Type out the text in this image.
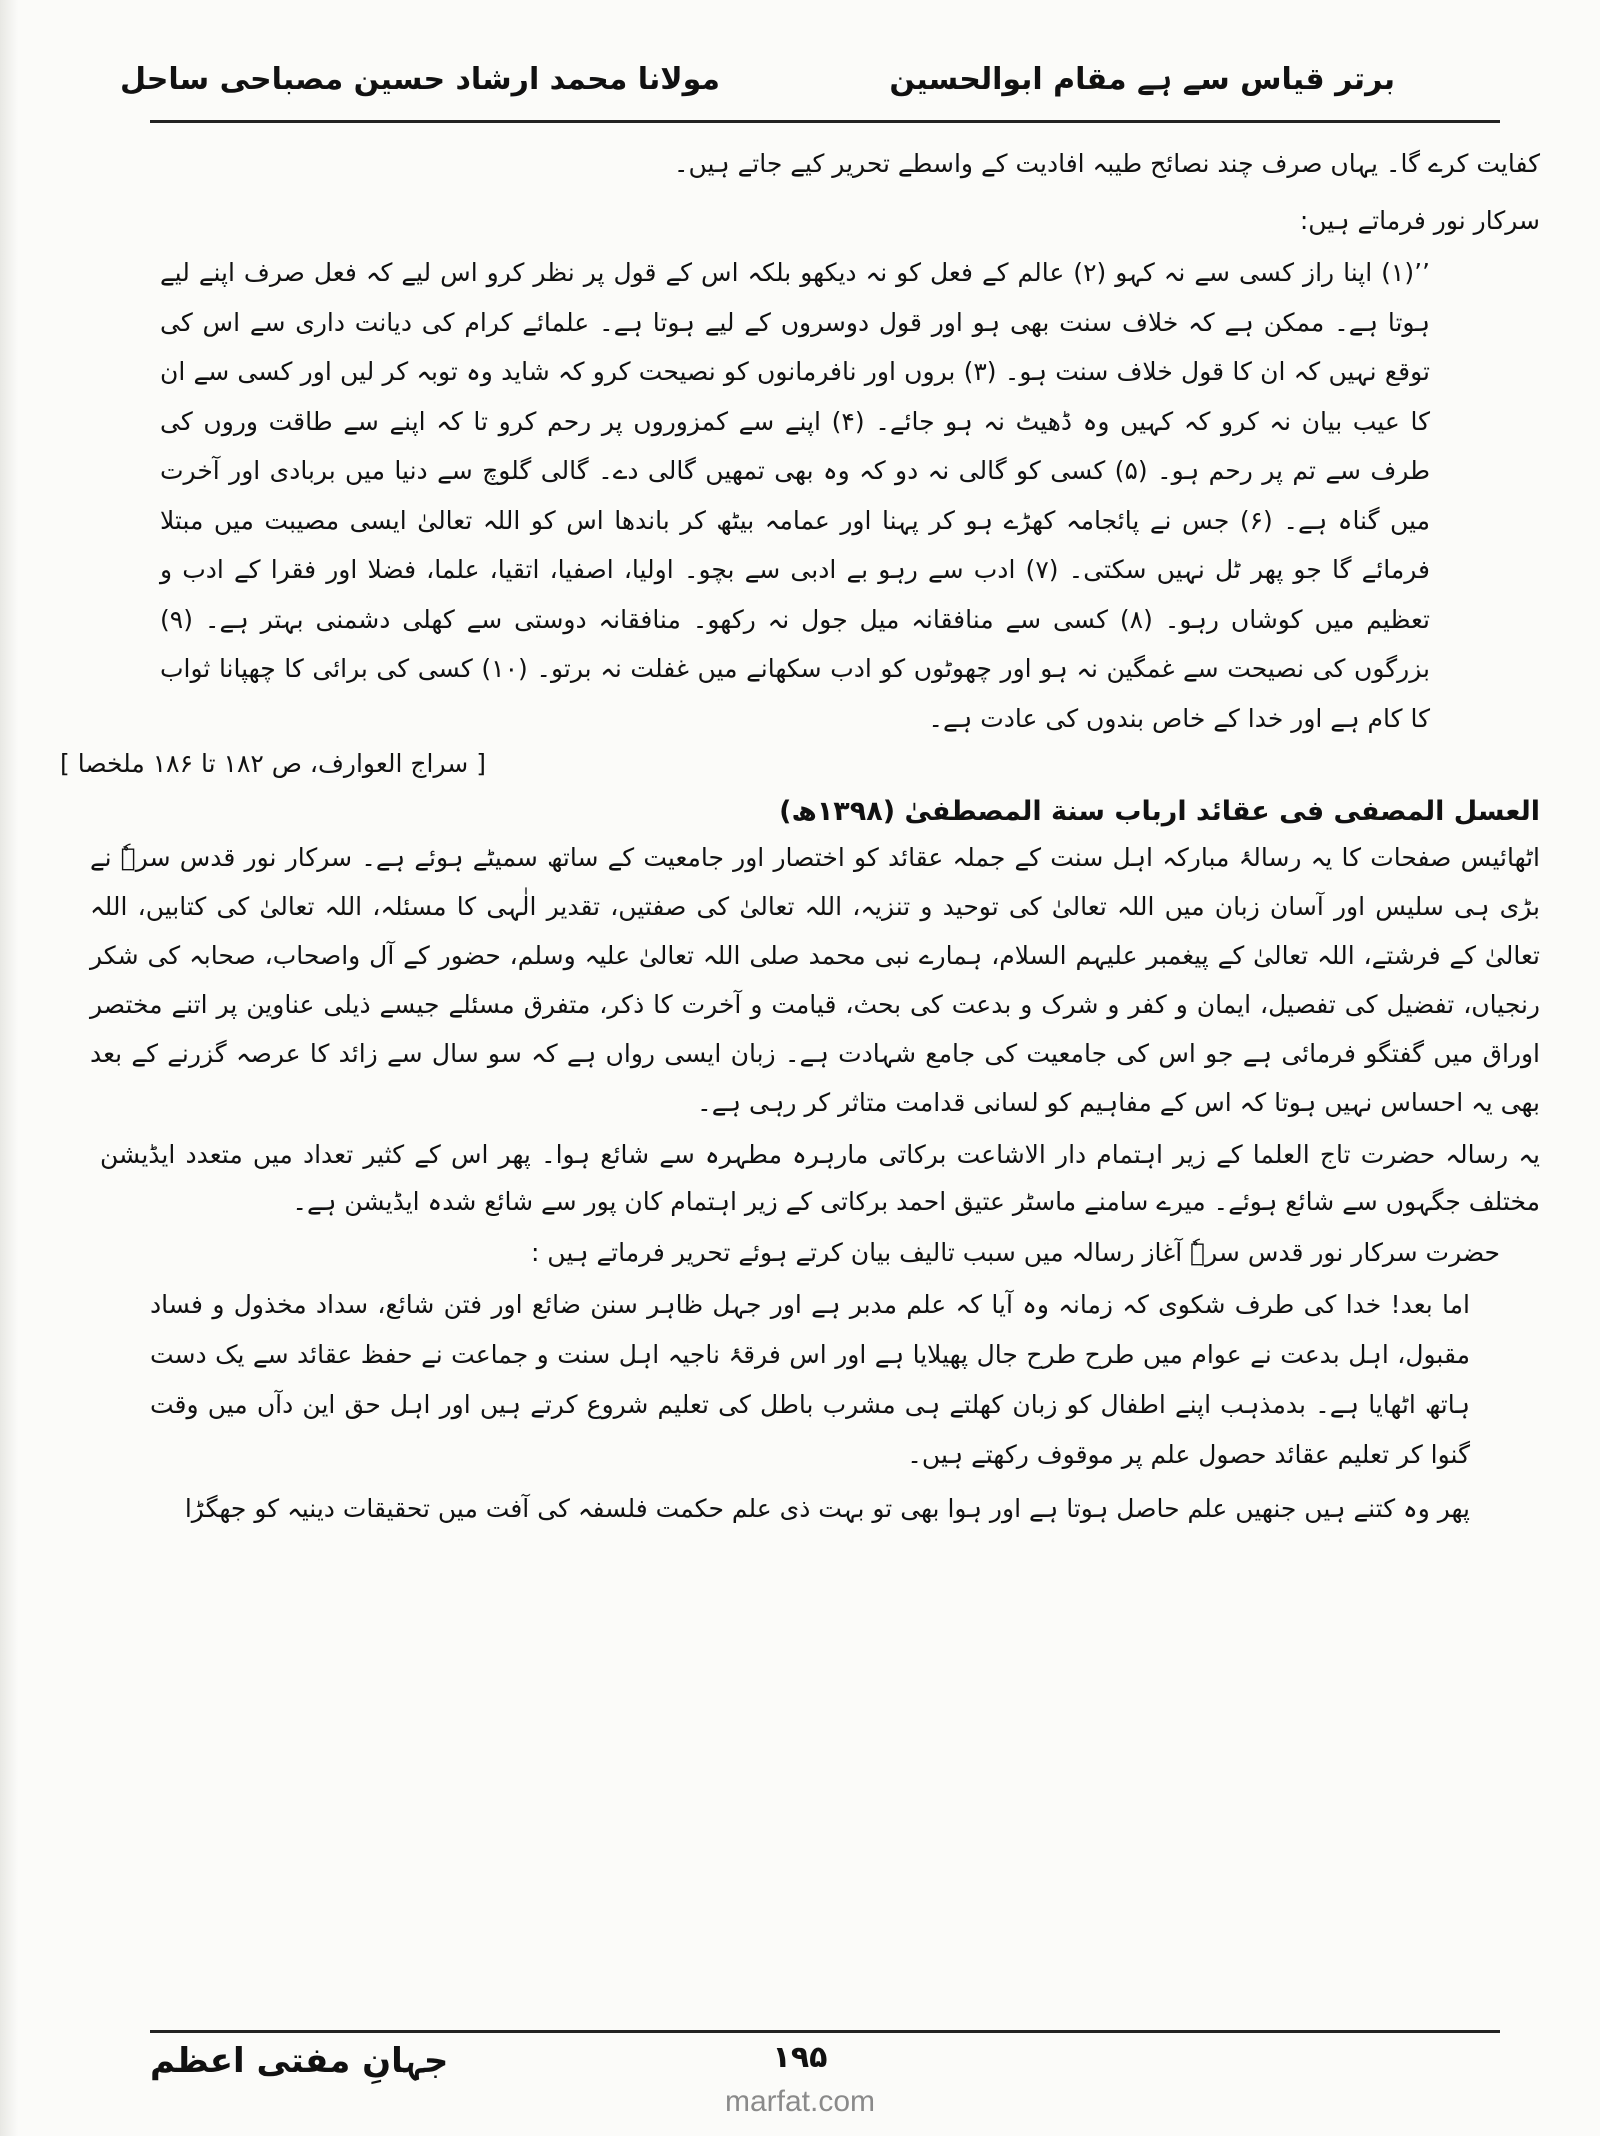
برتر قیاس سے ہے مقام ابوالحسین
مولانا محمد ارشاد حسین مصباحی ساحل

کفایت کرے گا۔ یہاں صرف چند نصائح طیبہ افادیت کے واسطے تحریر کیے جاتے ہیں۔

سرکار نور فرماتے ہیں:

’’(۱) اپنا راز کسی سے نہ کہو (۲) عالم کے فعل کو نہ دیکھو بلکہ اس کے قول پر نظر کرو اس لیے کہ فعل صرف اپنے لیے ہوتا ہے۔ ممکن ہے کہ خلاف سنت بھی ہو اور قول دوسروں کے لیے ہوتا ہے۔ علمائے کرام کی دیانت داری سے اس کی توقع نہیں کہ ان کا قول خلاف سنت ہو۔ (۳) بروں اور نافرمانوں کو نصیحت کرو کہ شاید وہ توبہ کر لیں اور کسی سے ان کا عیب بیان نہ کرو کہ کہیں وہ ڈھیٹ نہ ہو جائے۔ (۴) اپنے سے کمزوروں پر رحم کرو تا کہ اپنے سے طاقت وروں کی طرف سے تم پر رحم ہو۔ (۵) کسی کو گالی نہ دو کہ وہ بھی تمھیں گالی دے۔ گالی گلوچ سے دنیا میں بربادی اور آخرت میں گناہ ہے۔ (۶) جس نے پائجامہ کھڑے ہو کر پہنا اور عمامہ بیٹھ کر باندھا اس کو اللہ تعالیٰ ایسی مصیبت میں مبتلا فرمائے گا جو پھر ٹل نہیں سکتی۔ (۷) ادب سے رہو بے ادبی سے بچو۔ اولیا، اصفیا، اتقیا، علما، فضلا اور فقرا کے ادب و تعظیم میں کوشاں رہو۔ (۸) کسی سے منافقانہ میل جول نہ رکھو۔ منافقانہ دوستی سے کھلی دشمنی بہتر ہے۔ (۹) بزرگوں کی نصیحت سے غمگین نہ ہو اور چھوٹوں کو ادب سکھانے میں غفلت نہ برتو۔ (۱۰) کسی کی برائی کا چھپانا ثواب کا کام ہے اور خدا کے خاص بندوں کی عادت ہے۔

[ سراج العوارف، ص ۱۸۲ تا ۱۸۶ ملخصا ]
العسل المصفی فی عقائد ارباب سنة المصطفیٰ (۱۳۹۸ھ)

اٹھائیس صفحات کا یہ رسالۂ مبارکہ اہل سنت کے جملہ عقائد کو اختصار اور جامعیت کے ساتھ سمیٹے ہوئے ہے۔ سرکار نور قدس سرہٗ نے بڑی ہی سلیس اور آسان زبان میں اللہ تعالیٰ کی توحید و تنزیہ، اللہ تعالیٰ کی صفتیں، تقدیر الٰہی کا مسئلہ، اللہ تعالیٰ کی کتابیں، اللہ تعالیٰ کے فرشتے، اللہ تعالیٰ کے پیغمبر علیہم السلام، ہمارے نبی محمد صلی اللہ تعالیٰ علیہ وسلم، حضور کے آل واصحاب، صحابہ کی شکر رنجیاں، تفضیل کی تفصیل، ایمان و کفر و شرک و بدعت کی بحث، قیامت و آخرت کا ذکر، متفرق مسئلے جیسے ذیلی عناوین پر اتنے مختصر اوراق میں گفتگو فرمائی ہے جو اس کی جامعیت کی جامع شہادت ہے۔ زبان ایسی رواں ہے کہ سو سال سے زائد کا عرصہ گزرنے کے بعد بھی یہ احساس نہیں ہوتا کہ اس کے مفاہیم کو لسانی قدامت متاثر کر رہی ہے۔

یہ رسالہ حضرت تاج العلما کے زیر اہتمام دار الاشاعت برکاتی مارہرہ مطہرہ سے شائع ہوا۔ پھر اس کے کثیر تعداد میں متعدد ایڈیشن مختلف جگہوں سے شائع ہوئے۔ میرے سامنے ماسٹر عتیق احمد برکاتی کے زیر اہتمام کان پور سے شائع شدہ ایڈیشن ہے۔

حضرت سرکار نور قدس سرہٗ آغاز رسالہ میں سبب تالیف بیان کرتے ہوئے تحریر فرماتے ہیں :

اما بعد! خدا کی طرف شکوی کہ زمانہ وہ آیا کہ علم مدبر ہے اور جہل ظاہر سنن ضائع اور فتن شائع، سداد مخذول و فساد مقبول، اہل بدعت نے عوام میں طرح طرح جال پھیلایا ہے اور اس فرقۂ ناجیہ اہل سنت و جماعت نے حفظ عقائد سے یک دست ہاتھ اٹھایا ہے۔ بدمذہب اپنے اطفال کو زبان کھلتے ہی مشرب باطل کی تعلیم شروع کرتے ہیں اور اہل حق این دآں میں وقت گنوا کر تعلیم عقائد حصول علم پر موقوف رکھتے ہیں۔

پھر وہ کتنے ہیں جنھیں علم حاصل ہوتا ہے اور ہوا بھی تو بہت ذی علم حکمت فلسفہ کی آفت میں تحقیقات دینیہ کو جھگڑا

۱۹۵
جہانِ مفتی اعظم
marfat.com
